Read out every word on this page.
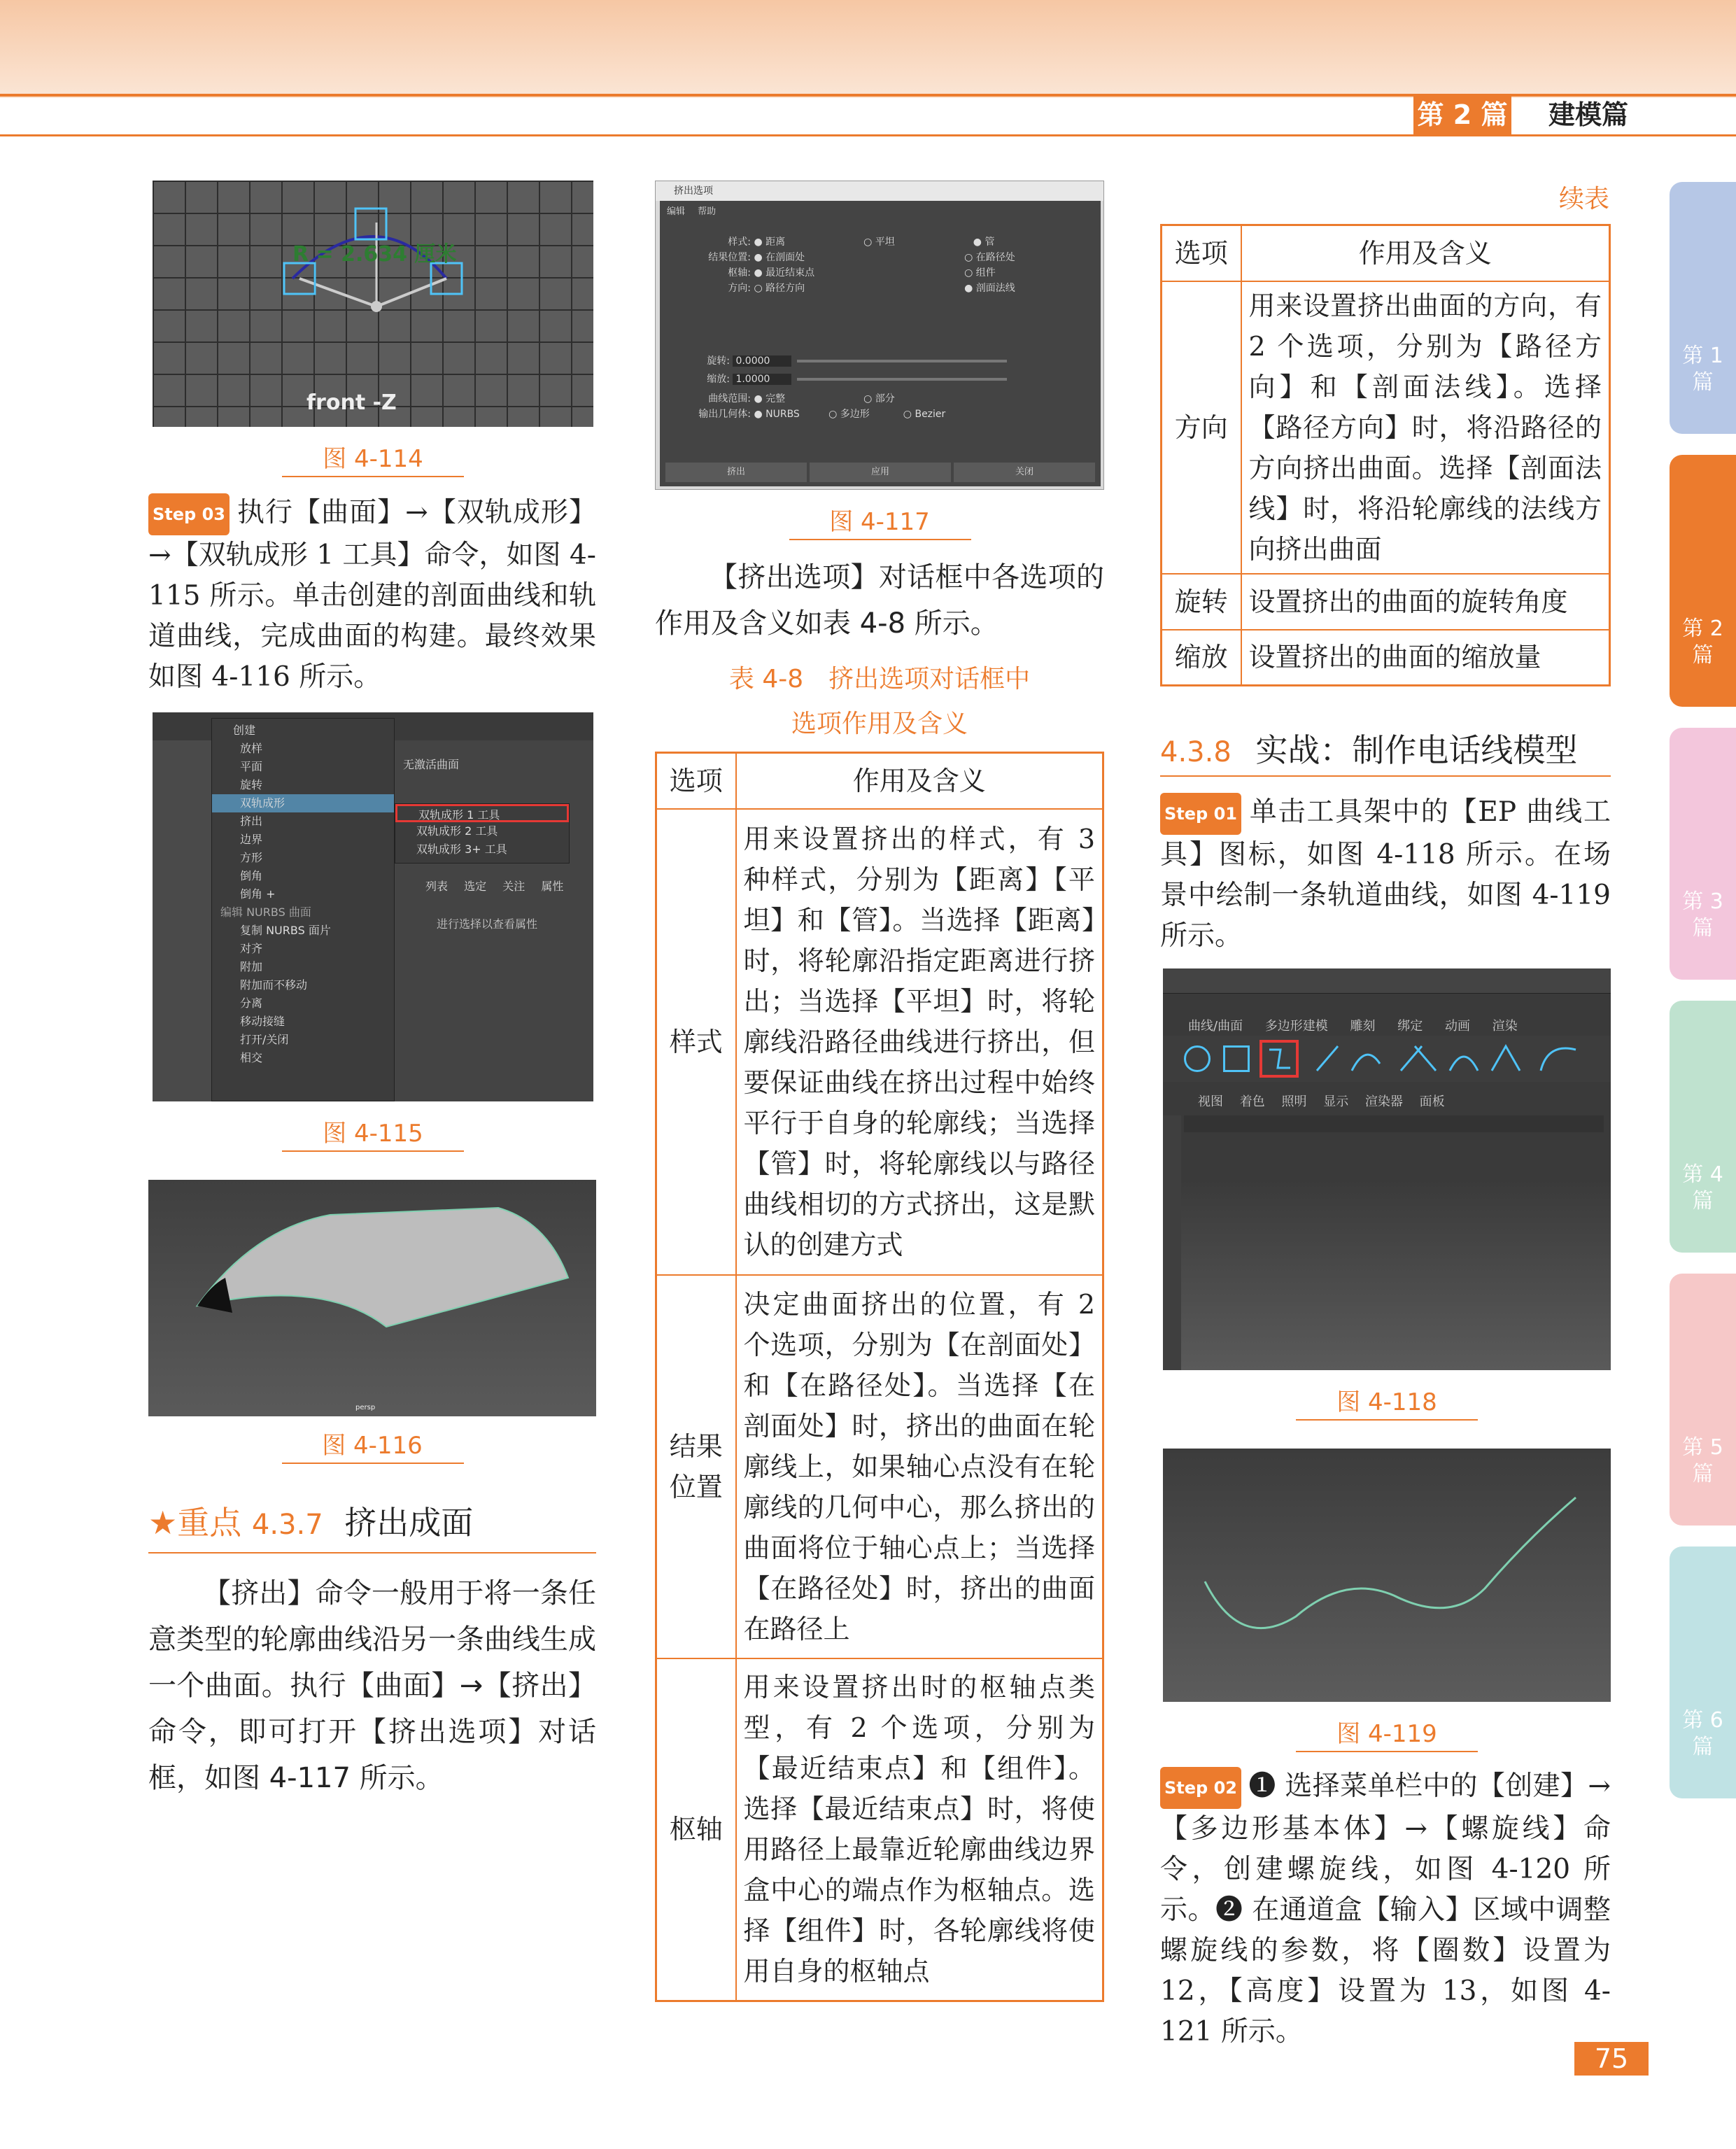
第 2 篇	建模篇
第 1 篇
第 2 篇
第 3 篇
第 4 篇
第 5 篇
第 6 篇
R = 2.634 厘米
front -Z
图 4-114
Step 03 执行【曲面】→【双轨成形】→【双轨成形 1 工具】命令，如图 4-115 所示。单击创建的剖面曲线和轨道曲线，完成曲面的构建。最终效果如图 4-116 所示。
创建
放样
平面
旋转
双轨成形
挤出
边界
方形
倒角
倒角 +
编辑 NURBS 曲面
复制 NURBS 面片
对齐
附加
附加而不移动
分离
移动接缝
打开/关闭
相交
双轨成形 1 工具
双轨成形 2 工具
双轨成形 3+ 工具
无激活曲面
列表 选定 关注 属性
进行选择以查看属性
图 4-115
persp
图 4-116
★重点 4.3.7 挤出成面
【挤出】命令一般用于将一条任意类型的轮廓曲线沿另一条曲线生成一个曲面。执行【曲面】→【挤出】命令，即可打开【挤出选项】对话框，如图 4-117 所示。
挤出选项
编辑 帮助
样式: ● 距离	○ 平坦	● 管
结果位置: ● 在剖面处	○ 在路径处
枢轴: ● 最近结束点	○ 组件
方向: ○ 路径方向	● 剖面法线
旋转: 0.0000
缩放: 1.0000
曲线范围: ● 完整	○ 部分
输出几何体: ● NURBS	○ 多边形	○ Bezier
挤出	应用	关闭
图 4-117
【挤出选项】对话框中各选项的作用及含义如表 4-8 所示。
表 4-8　挤出选项对话框中
选项作用及含义
选项	作用及含义
样式	用来设置挤出的样式，有 3 种样式，分别为【距离】【平坦】和【管】。当选择【距离】时，将轮廓沿指定距离进行挤出；当选择【平坦】时，将轮廓线沿路径曲线进行挤出，但要保证曲线在挤出过程中始终平行于自身的轮廓线；当选择【管】时，将轮廓线以与路径曲线相切的方式挤出，这是默认的创建方式
结果位置	决定曲面挤出的位置，有 2 个选项，分别为【在剖面处】和【在路径处】。当选择【在剖面处】时，挤出的曲面在轮廓线上，如果轴心点没有在轮廓线的几何中心，那么挤出的曲面将位于轴心点上；当选择【在路径处】时，挤出的曲面在路径上
枢轴	用来设置挤出时的枢轴点类型，有 2 个选项，分别为【最近结束点】和【组件】。选择【最近结束点】时，将使用路径上最靠近轮廓曲线边界盒中心的端点作为枢轴点。选择【组件】时，各轮廓线将使用自身的枢轴点
续表
选项	作用及含义
方向	用来设置挤出曲面的方向，有 2 个选项，分别为【路径方向】和【剖面法线】。选择【路径方向】时，将沿路径的方向挤出曲面。选择【剖面法线】时，将沿轮廓线的法线方向挤出曲面
旋转	设置挤出的曲面的旋转角度
缩放	设置挤出的曲面的缩放量
4.3.8 实战：制作电话线模型
Step 01 单击工具架中的【EP 曲线工具】图标，如图 4-118 所示。在场景中绘制一条轨道曲线，如图 4-119 所示。
曲线/曲面 多边形建模 雕刻 绑定 动画 渲染
视图 着色 照明 显示 渲染器 面板
图 4-118
图 4-119
Step 02 ❶ 选择菜单栏中的【创建】→【多边形基本体】→【螺旋线】命令，创建螺旋线，如图 4-120 所示。❷ 在通道盒【输入】区域中调整螺旋线的参数，将【圈数】设置为 12，【高度】设置为 13，如图 4-121 所示。
75
